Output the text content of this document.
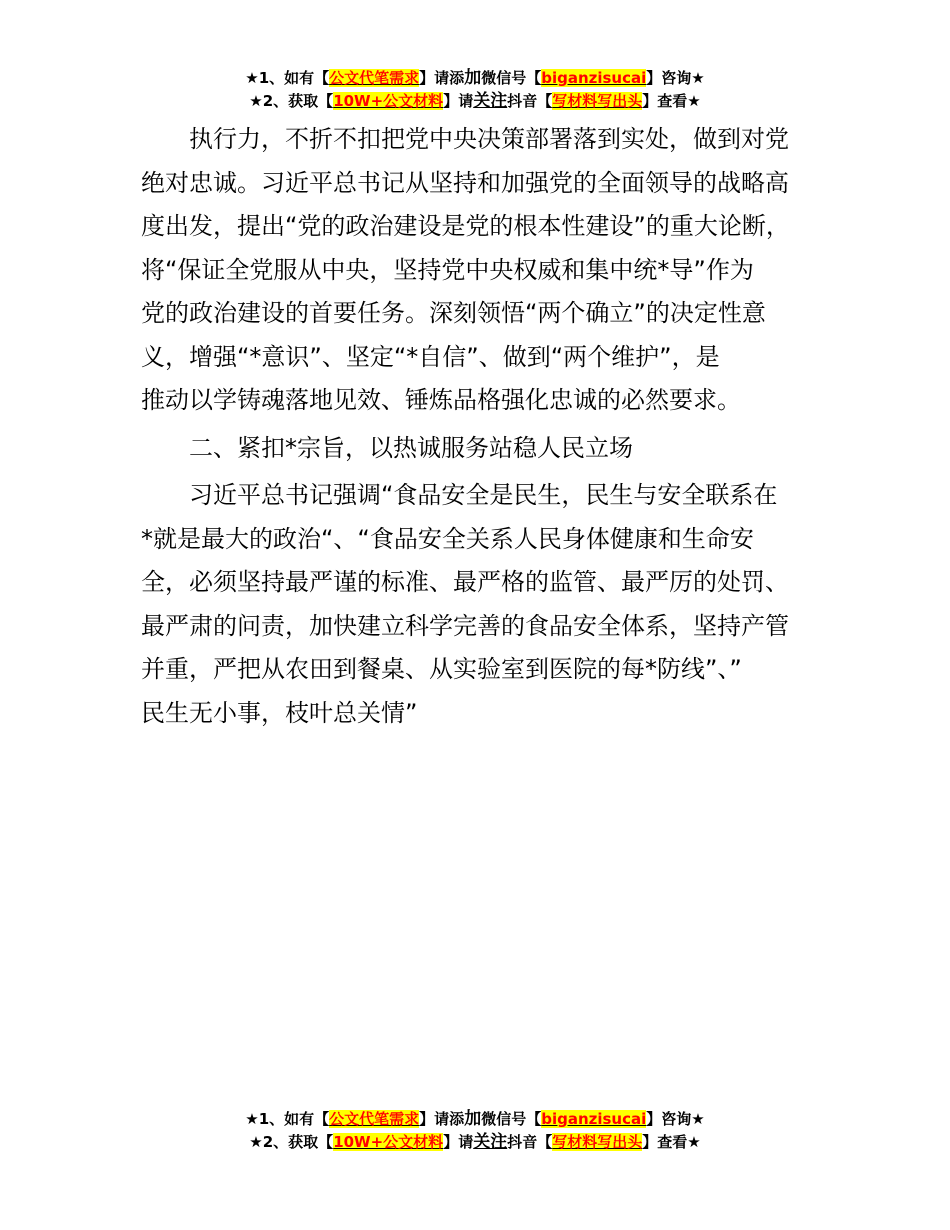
★1、如有【公文代笔需求】请添加微信号【biganzisucai】咨询★
★2、获取【10W+公文材料】请关注抖音【写材料写出头】查看★

执行力，不折不扣把党中央决策部署落到实处，做到对党
绝对忠诚。习近平总书记从坚持和加强党的全面领导的战略高
度出发，提出“党的政治建设是党的根本性建设”的重大论断，
将“保证全党服从中央，坚持党中央权威和集中统*导”作为
党的政治建设的首要任务。深刻领悟“两个确立”的决定性意
义，增强“*意识”、坚定“*自信”、做到“两个维护”，是
推动以学铸魂落地见效、锤炼品格强化忠诚的必然要求。

二、紧扣*宗旨，以热诚服务站稳人民立场

习近平总书记强调“食品安全是民生，民生与安全联系在
*就是最大的政治“、“食品安全关系人民身体健康和生命安
全，必须坚持最严谨的标准、最严格的监管、最严厉的处罚、
最严肃的问责，加快建立科学完善的食品安全体系，坚持产管
并重，严把从农田到餐桌、从实验室到医院的每*防线”、”
民生无小事，枝叶总关情”

★1、如有【公文代笔需求】请添加微信号【biganzisucai】咨询★
★2、获取【10W+公文材料】请关注抖音【写材料写出头】查看★
